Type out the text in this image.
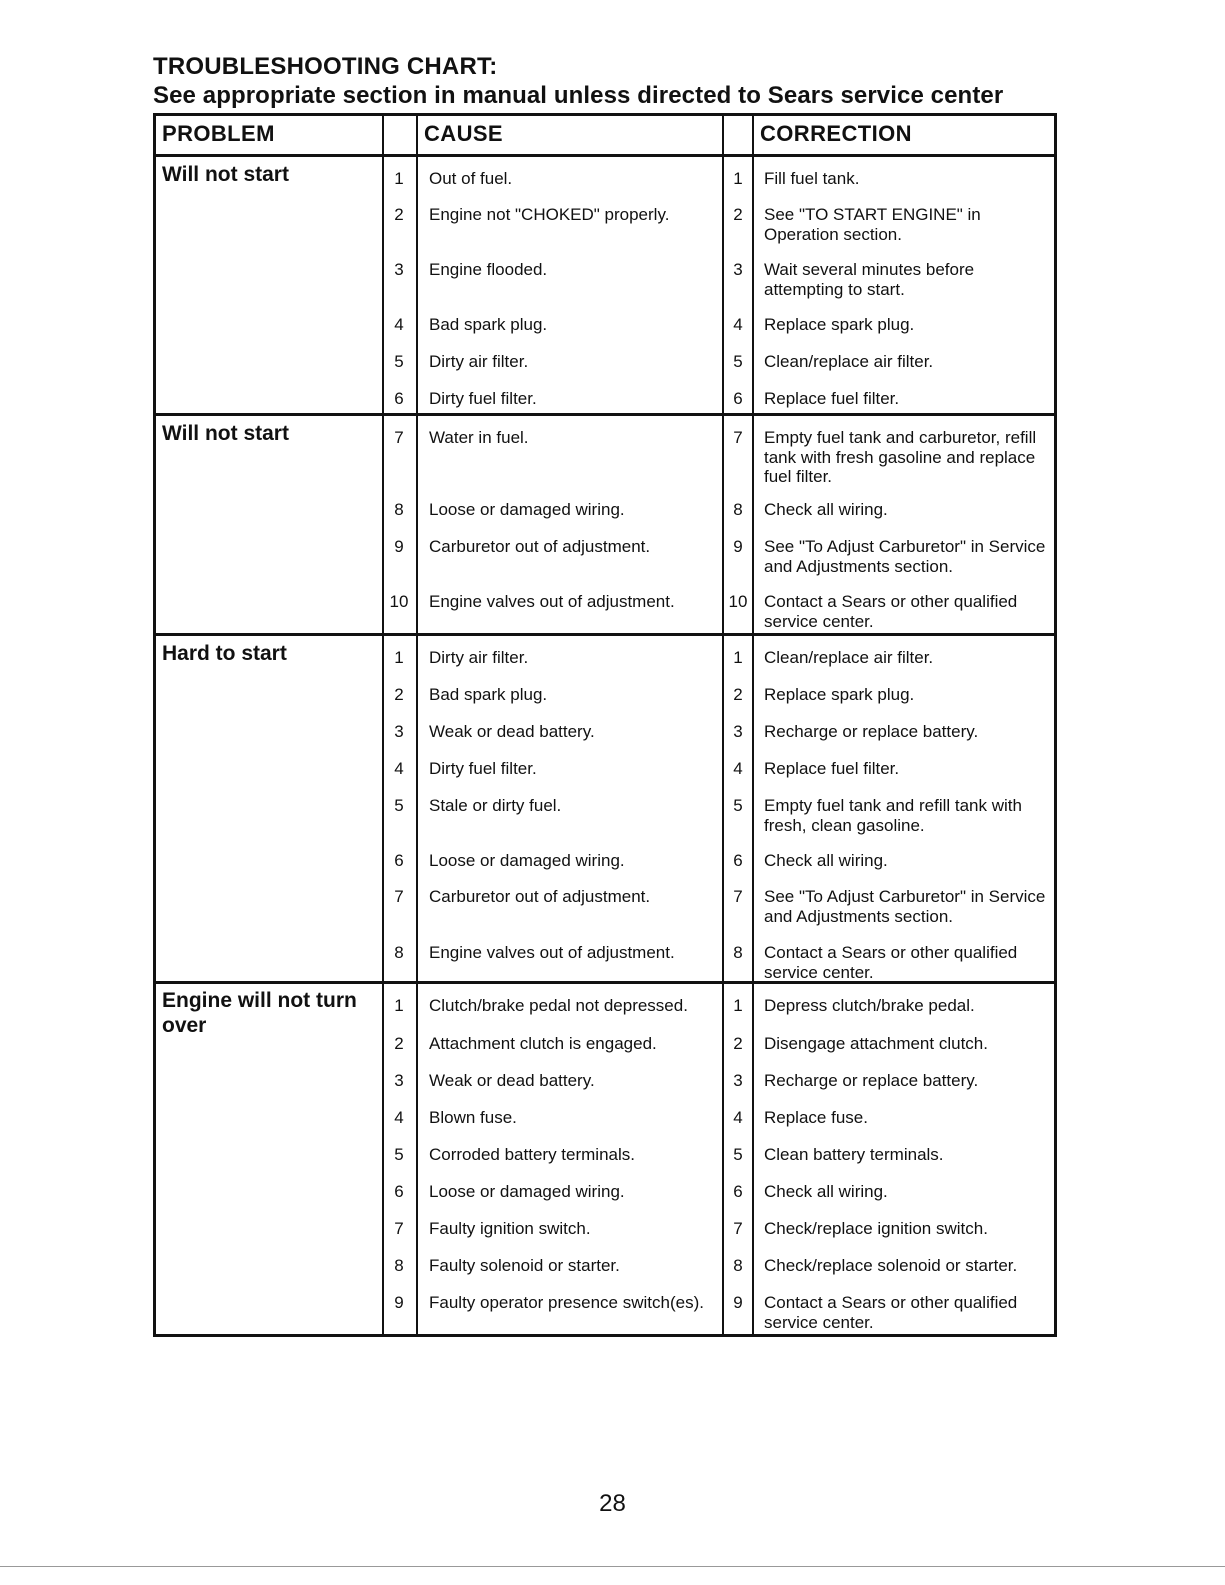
TROUBLESHOOTING CHART:
See appropriate section in manual unless directed to Sears service center
PROBLEM	CAUSE	CORRECTION
Will not start	1	Out of fuel.	1	Fill fuel tank.
2	Engine not "CHOKED" properly.	2	See "TO START ENGINE" in Operation section.
3	Engine flooded.	3	Wait several minutes before attempting to start.
4	Bad spark plug.	4	Replace spark plug.
5	Dirty air filter.	5	Clean/replace air filter.
6	Dirty fuel filter.	6	Replace fuel filter.
Will not start	7	Water in fuel.	7	Empty fuel tank and carburetor, refill tank with fresh gasoline and replace fuel filter.
8	Loose or damaged wiring.	8	Check all wiring.
9	Carburetor out of adjustment.	9	See "To Adjust Carburetor" in Service and Adjustments section.
10	Engine valves out of adjustment.	10 Contact a Sears or other qualified service center.
Hard to start	1	Dirty air filter.	1	Clean/replace air filter.
2	Bad spark plug.	2	Replace spark plug.
3	Weak or dead battery.	3	Recharge or replace battery.
4	Dirty fuel filter.	4	Replace fuel filter.
5	Stale or dirty fuel.	5	Empty fuel tank and refill tank with fresh, clean gasoline.
6	Loose or damaged wiring.	6	Check all wiring.
7	Carburetor out of adjustment.	7	See "To Adjust Carburetor" in Service and Adjustments section.
8	Engine valves out of adjustment.	8	Contact a Sears or other qualified service center.
Engine will not turn over
1	Clutch/brake pedal not depressed.	1	Depress clutch/brake pedal.
2	Attachment clutch is engaged.	2	Disengage attachment clutch.
3	Weak or dead battery.	3	Recharge or replace battery.
4	Blown fuse.	4	Replace fuse.
5	Corroded battery terminals.	5	Clean battery terminals.
6	Loose or damaged wiring.	6	Check all wiring.
7	Faulty ignition switch.	7	Check/replace ignition switch.
8	Faulty solenoid or starter.	8	Check/replace solenoid or starter.
9	Faulty operator presence switch(es).	9	Contact a Sears or other qualified service center.
28
